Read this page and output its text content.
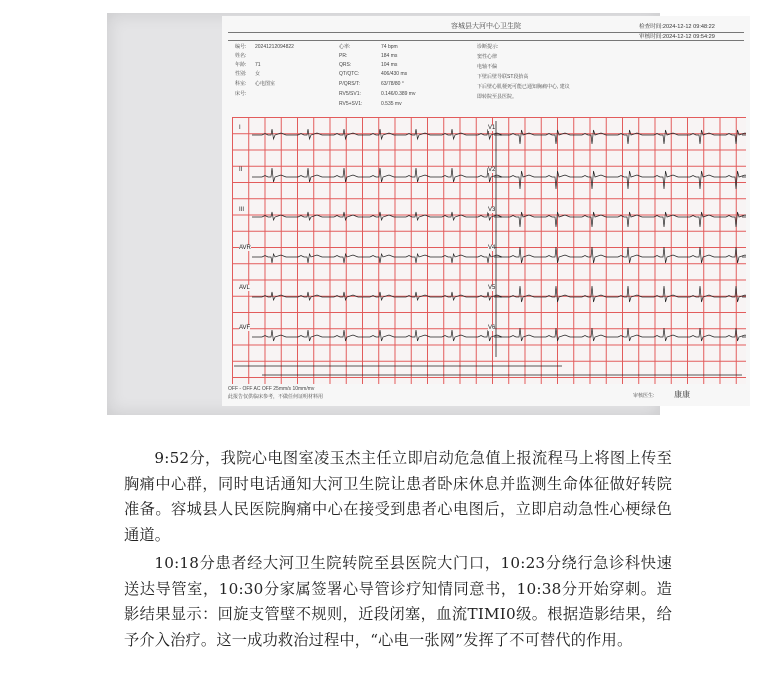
容城县大河中心卫生院	检查时间:2024-12-12 09:48:22
审核时间:2024-12-12 09:54:29
编号: 20241212094822
姓名:
年龄: 71
性别: 女
科室: 心电图室
床号:
心率:	74 bpm
PR:	184 ms
QRS:	104 ms
QT/QTC:	406/430 ms
P/QRS/T:	63/78/80 °
RV5/SV1:	0.146/0.389 mv
RV5+SV1:	0.535 mv
诊断提示:
窦性心律
电轴不偏
下壁后壁导联ST段抬高
下后壁心肌梗死可能已通知胸痛中心, 建议
即转院至县医院。
I
II
III
AVR
AVL
AVF
V1
V2
V3
V4
V5
V6
OFF - OFF AC OFF 25mm/s 10mm/mv
此报告仅供临床参考，不做任何证明材料用	审核医生: 康康

9:52分，我院心电图室凌玉杰主任立即启动危急值上报流程马上将图上传至胸痛中心群，同时电话通知大河卫生院让患者卧床休息并监测生命体征做好转院准备。容城县人民医院胸痛中心在接受到患者心电图后，立即启动急性心梗绿色通道。

10:18分患者经大河卫生院转院至县医院大门口，10:23分绕行急诊科快速送达导管室，10:30分家属签署心导管诊疗知情同意书，10:38分开始穿刺。造影结果显示：回旋支管壁不规则，近段闭塞，血流TIMI0级。根据造影结果，给予介入治疗。这一成功救治过程中，“心电一张网”发挥了不可替代的作用。
